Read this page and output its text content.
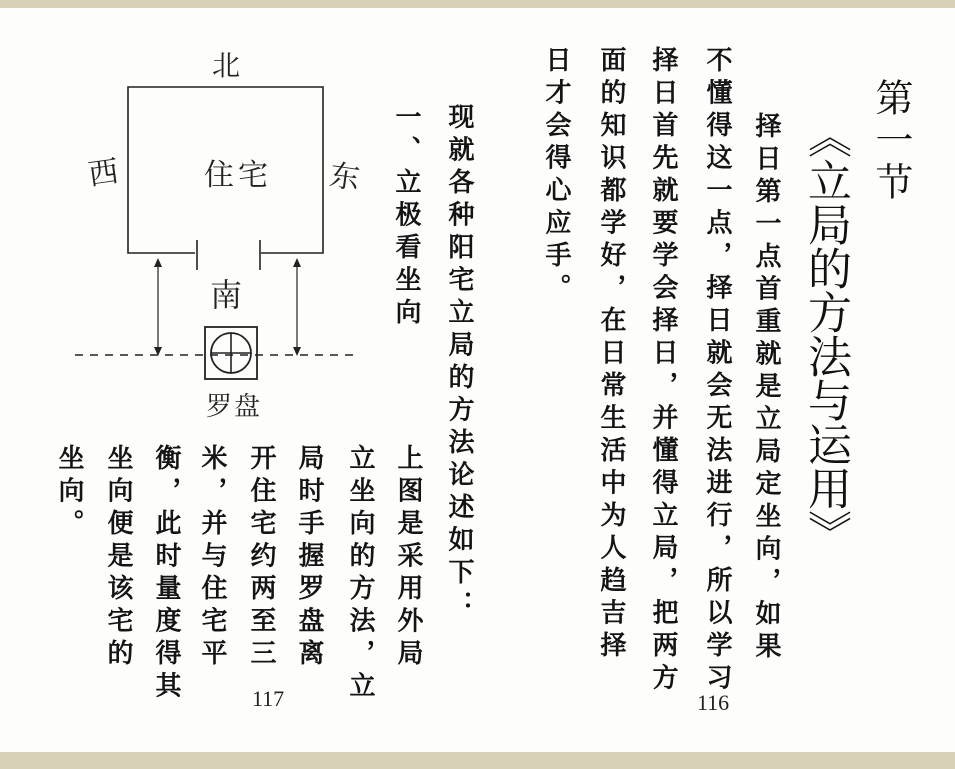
第一节
《立局的方法与运用》
择日第一点首重就是立局定坐向，如果
不懂得这一点，择日就会无法进行，所以学习
择日首先就要学会择日，并懂得立局，把两方
面的知识都学好，在日常生活中为人趋吉择
日才会得心应手。
116
现就各种阳宅立局的方法论述如下：
一、立极看坐向
上图是采用外局
立坐向的方法，立
局时手握罗盘离
开住宅约两至三
米，并与住宅平
衡，此时量度得其
坐向便是该宅的
坐向。
117
北
西	东
住宅
南
罗盘
